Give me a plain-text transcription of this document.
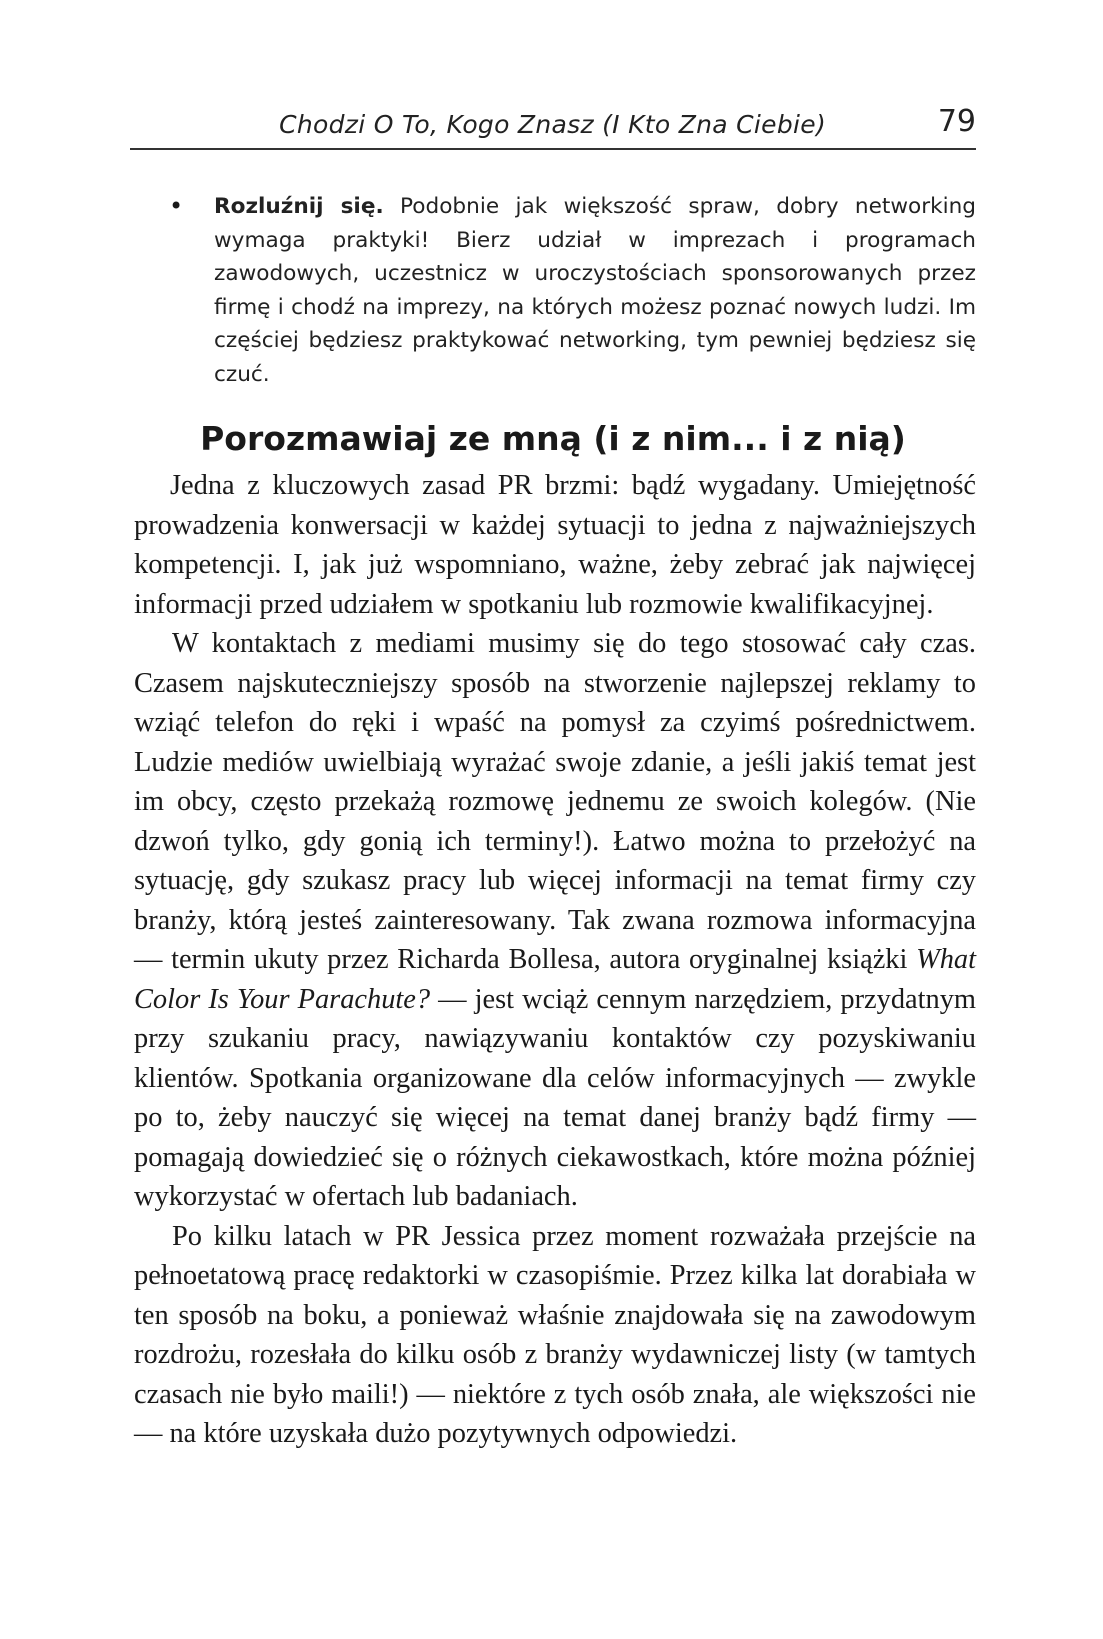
Chodzi O To, Kogo Znasz (I Kto Zna Ciebie)	79
• Rozluźnij się. Podobnie jak większość spraw, dobry networking wymaga praktyki! Bierz udział w imprezach i programach zawodowych, uczestnicz w uroczystościach sponsorowanych przez firmę i chodź na imprezy, na których możesz poznać nowych ludzi. Im częściej będziesz praktykować networking, tym pewniej będziesz się czuć.

Porozmawiaj ze mną (i z nim... i z nią)

Jedna z kluczowych zasad PR brzmi: bądź wygadany. Umiejętność prowadzenia konwersacji w każdej sytuacji to jedna z najważniejszych kompetencji. I, jak już wspomniano, ważne, żeby zebrać jak najwięcej informacji przed udziałem w spotkaniu lub rozmowie kwalifikacyjnej.

W kontaktach z mediami musimy się do tego stosować cały czas. Czasem najskuteczniejszy sposób na stworzenie najlepszej reklamy to wziąć telefon do ręki i wpaść na pomysł za czyimś pośrednictwem. Ludzie mediów uwielbiają wyrażać swoje zdanie, a jeśli jakiś temat jest im obcy, często przekażą rozmowę jednemu ze swoich kolegów. (Nie dzwoń tylko, gdy gonią ich terminy!). Łatwo można to przełożyć na sytuację, gdy szukasz pracy lub więcej informacji na temat firmy czy branży, którą jesteś zainteresowany. Tak zwana rozmowa informacyjna — termin ukuty przez Richarda Bollesa, autora oryginalnej książki What Color Is Your Parachute? — jest wciąż cennym narzędziem, przydatnym przy szukaniu pracy, nawiązywaniu kontaktów czy pozyskiwaniu klientów. Spotkania organizowane dla celów informacyjnych — zwykle po to, żeby nauczyć się więcej na temat danej branży bądź firmy — pomagają dowiedzieć się o różnych ciekawostkach, które można później wykorzystać w ofertach lub badaniach.

Po kilku latach w PR Jessica przez moment rozważała przejście na pełnoetatową pracę redaktorki w czasopiśmie. Przez kilka lat dorabiała w ten sposób na boku, a ponieważ właśnie znajdowała się na zawodowym rozdrożu, rozesłała do kilku osób z branży wydawniczej listy (w tamtych czasach nie było maili!) — niektóre z tych osób znała, ale większości nie — na które uzyskała dużo pozytywnych odpowiedzi.
